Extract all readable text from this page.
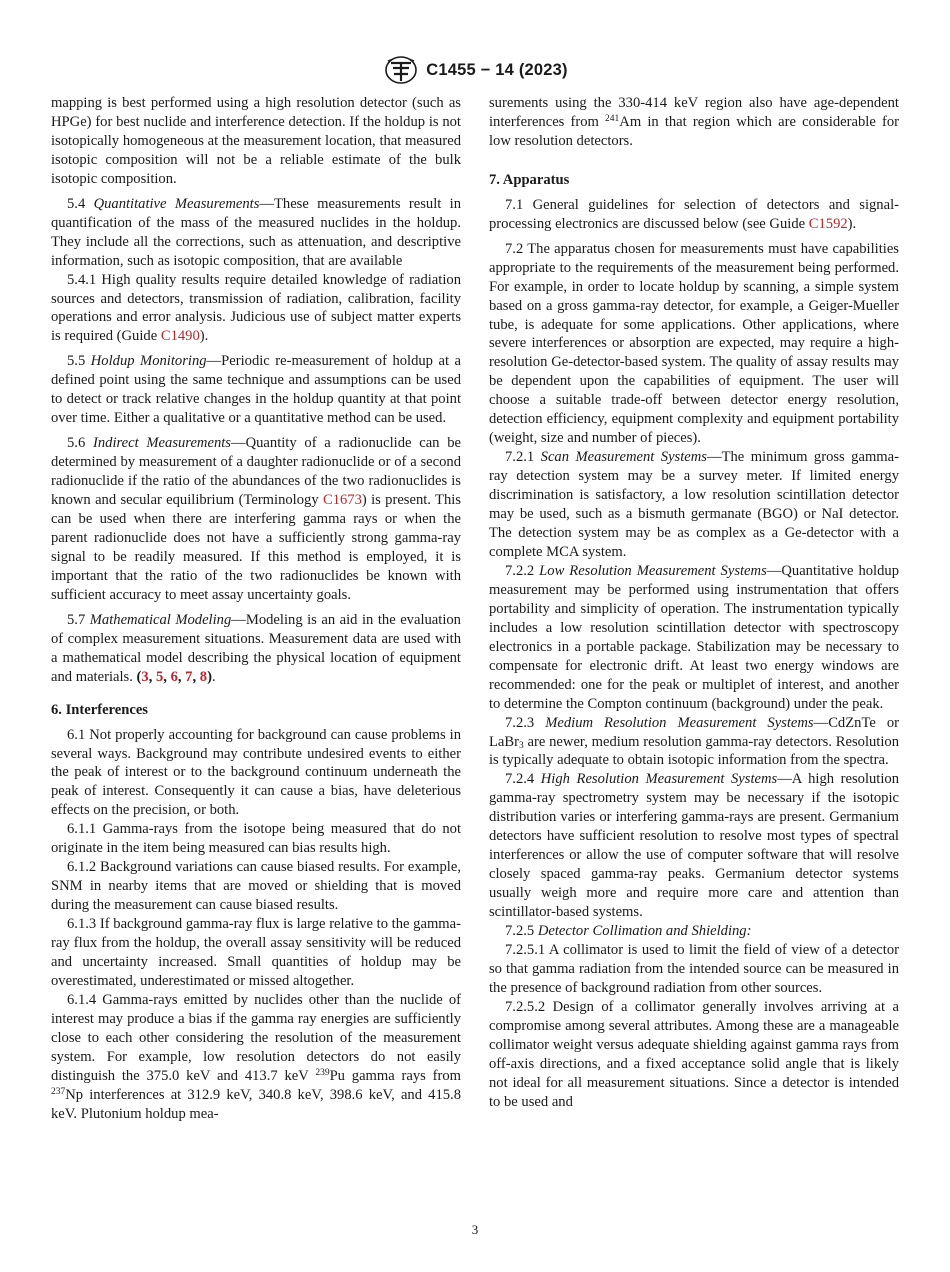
C1455 − 14 (2023)

mapping is best performed using a high resolution detector (such as HPGe) for best nuclide and interference detection. If the holdup is not isotopically homogeneous at the measurement location, that measured isotopic composition will not be a reliable estimate of the bulk isotopic composition.

5.4 Quantitative Measurements—These measurements result in quantification of the mass of the measured nuclides in the holdup. They include all the corrections, such as attenuation, and descriptive information, such as isotopic composition, that are available

5.4.1 High quality results require detailed knowledge of radiation sources and detectors, transmission of radiation, calibration, facility operations and error analysis. Judicious use of subject matter experts is required (Guide C1490).

5.5 Holdup Monitoring—Periodic re-measurement of holdup at a defined point using the same technique and assumptions can be used to detect or track relative changes in the holdup quantity at that point over time. Either a qualitative or a quantitative method can be used.

5.6 Indirect Measurements—Quantity of a radionuclide can be determined by measurement of a daughter radionuclide or of a second radionuclide if the ratio of the abundances of the two radionuclides is known and secular equilibrium (Terminology C1673) is present. This can be used when there are interfering gamma rays or when the parent radionuclide does not have a sufficiently strong gamma-ray signal to be readily measured. If this method is employed, it is important that the ratio of the two radionuclides be known with sufficient accuracy to meet assay uncertainty goals.

5.7 Mathematical Modeling—Modeling is an aid in the evaluation of complex measurement situations. Measurement data are used with a mathematical model describing the physical location of equipment and materials. (3, 5, 6, 7, 8).

6. Interferences

6.1 Not properly accounting for background can cause problems in several ways. Background may contribute undesired events to either the peak of interest or to the background continuum underneath the peak of interest. Consequently it can cause a bias, have deleterious effects on the precision, or both.

6.1.1 Gamma-rays from the isotope being measured that do not originate in the item being measured can bias results high.

6.1.2 Background variations can cause biased results. For example, SNM in nearby items that are moved or shielding that is moved during the measurement can cause biased results.

6.1.3 If background gamma-ray flux is large relative to the gamma-ray flux from the holdup, the overall assay sensitivity will be reduced and uncertainty increased. Small quantities of holdup may be overestimated, underestimated or missed altogether.

6.1.4 Gamma-rays emitted by nuclides other than the nuclide of interest may produce a bias if the gamma ray energies are sufficiently close to each other considering the resolution of the measurement system. For example, low resolution detectors do not easily distinguish the 375.0 keV and 413.7 keV $^{239}$Pu gamma rays from $^{237}$Np interferences at 312.9 keV, 340.8 keV, 398.6 keV, and 415.8 keV. Plutonium holdup mea-

surements using the 330-414 keV region also have age-dependent interferences from $^{241}$Am in that region which are considerable for low resolution detectors.

7. Apparatus

7.1 General guidelines for selection of detectors and signal-processing electronics are discussed below (see Guide C1592).

7.2 The apparatus chosen for measurements must have capabilities appropriate to the requirements of the measurement being performed. For example, in order to locate holdup by scanning, a simple system based on a gross gamma-ray detector, for example, a Geiger-Mueller tube, is adequate for some applications. Other applications, where severe interferences or absorption are expected, may require a high-resolution Ge-detector-based system. The quality of assay results may be dependent upon the capabilities of equipment. The user will choose a suitable trade-off between detector energy resolution, detection efficiency, equipment complexity and equipment portability (weight, size and number of pieces).

7.2.1 Scan Measurement Systems—The minimum gross gamma-ray detection system may be a survey meter. If limited energy discrimination is satisfactory, a low resolution scintillation detector may be used, such as a bismuth germanate (BGO) or NaI detector. The detection system may be as complex as a Ge-detector with a complete MCA system.

7.2.2 Low Resolution Measurement Systems—Quantitative holdup measurement may be performed using instrumentation that offers portability and simplicity of operation. The instrumentation typically includes a low resolution scintillation detector with spectroscopy electronics in a portable package. Stabilization may be necessary to compensate for electronic drift. At least two energy windows are recommended: one for the peak or multiplet of interest, and another to determine the Compton continuum (background) under the peak.

7.2.3 Medium Resolution Measurement Systems—CdZnTe or LaBr$_3$ are newer, medium resolution gamma-ray detectors. Resolution is typically adequate to obtain isotopic information from the spectra.

7.2.4 High Resolution Measurement Systems—A high resolution gamma-ray spectrometry system may be necessary if the isotopic distribution varies or interfering gamma-rays are present. Germanium detectors have sufficient resolution to resolve most types of spectral interferences or allow the use of computer software that will resolve closely spaced gamma-ray peaks. Germanium detector systems usually weigh more and require more care and attention than scintillator-based systems.

7.2.5 Detector Collimation and Shielding:

7.2.5.1 A collimator is used to limit the field of view of a detector so that gamma radiation from the intended source can be measured in the presence of background radiation from other sources.

7.2.5.2 Design of a collimator generally involves arriving at a compromise among several attributes. Among these are a manageable collimator weight versus adequate shielding against gamma rays from off-axis directions, and a fixed acceptance solid angle that is likely not ideal for all measurement situations. Since a detector is intended to be used and

3
